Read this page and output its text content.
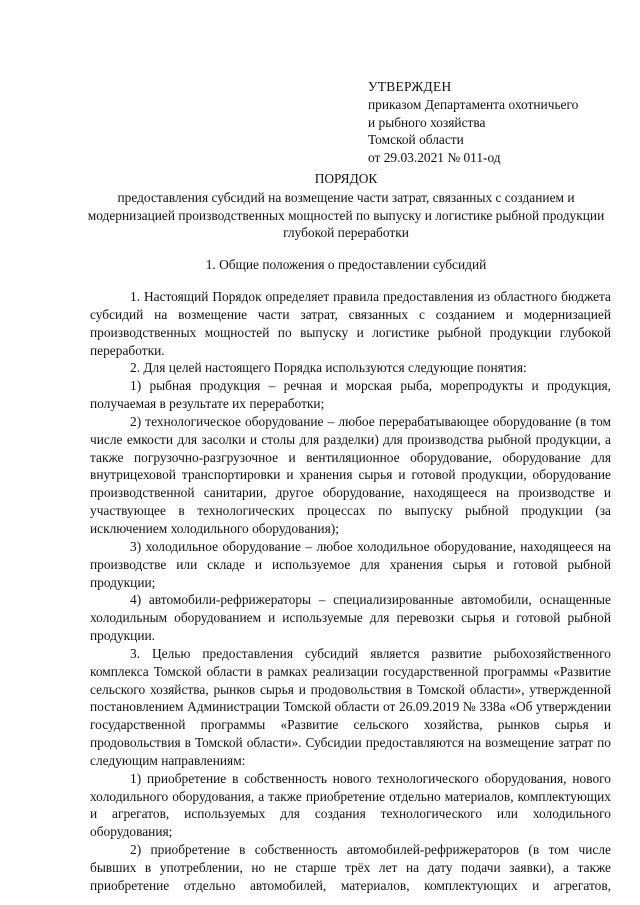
УТВЕРЖДЕН
приказом Департамента охотничьего
и рыбного хозяйства
Томской области
от 29.03.2021 № 011-од
ПОРЯДОК
предоставления субсидий на возмещение части затрат, связанных с созданием и модернизацией производственных мощностей по выпуску и логистике рыбной продукции глубокой переработки
1. Общие положения о предоставлении субсидий

1. Настоящий Порядок определяет правила предоставления из областного бюджета субсидий на возмещение части затрат, связанных с созданием и модернизацией производственных мощностей по выпуску и логистике рыбной продукции глубокой переработки.

2. Для целей настоящего Порядка используются следующие понятия:

1) рыбная продукция – речная и морская рыба, морепродукты и продукция, получаемая в результате их переработки;

2) технологическое оборудование – любое перерабатывающее оборудование (в том числе емкости для засолки и столы для разделки) для производства рыбной продукции, а также погрузочно-разгрузочное и вентиляционное оборудование, оборудование для внутрицеховой транспортировки и хранения сырья и готовой продукции, оборудование производственной санитарии, другое оборудование, находящееся на производстве и участвующее в технологических процессах по выпуску рыбной продукции (за исключением холодильного оборудования);

3) холодильное оборудование – любое холодильное оборудование, находящееся на производстве или складе и используемое для хранения сырья и готовой рыбной продукции;

4) автомобили-рефрижераторы – специализированные автомобили, оснащенные холодильным оборудованием и используемые для перевозки сырья и готовой рыбной продукции.

3. Целью предоставления субсидий является развитие рыбохозяйственного комплекса Томской области в рамках реализации государственной программы «Развитие сельского хозяйства, рынков сырья и продовольствия в Томской области», утвержденной постановлением Администрации Томской области от 26.09.2019 № 338а «Об утверждении государственной программы «Развитие сельского хозяйства, рынков сырья и продовольствия в Томской области». Субсидии предоставляются на возмещение затрат по следующим направлениям:

1) приобретение в собственность нового технологического оборудования, нового холодильного оборудования, а также приобретение отдельно материалов, комплектующих и агрегатов, используемых для создания технологического или холодильного оборудования;

2) приобретение в собственность автомобилей-рефрижераторов (в том числе бывших в употреблении, но не старше трёх лет на дату подачи заявки), а также приобретение отдельно автомобилей, материалов, комплектующих и агрегатов,
